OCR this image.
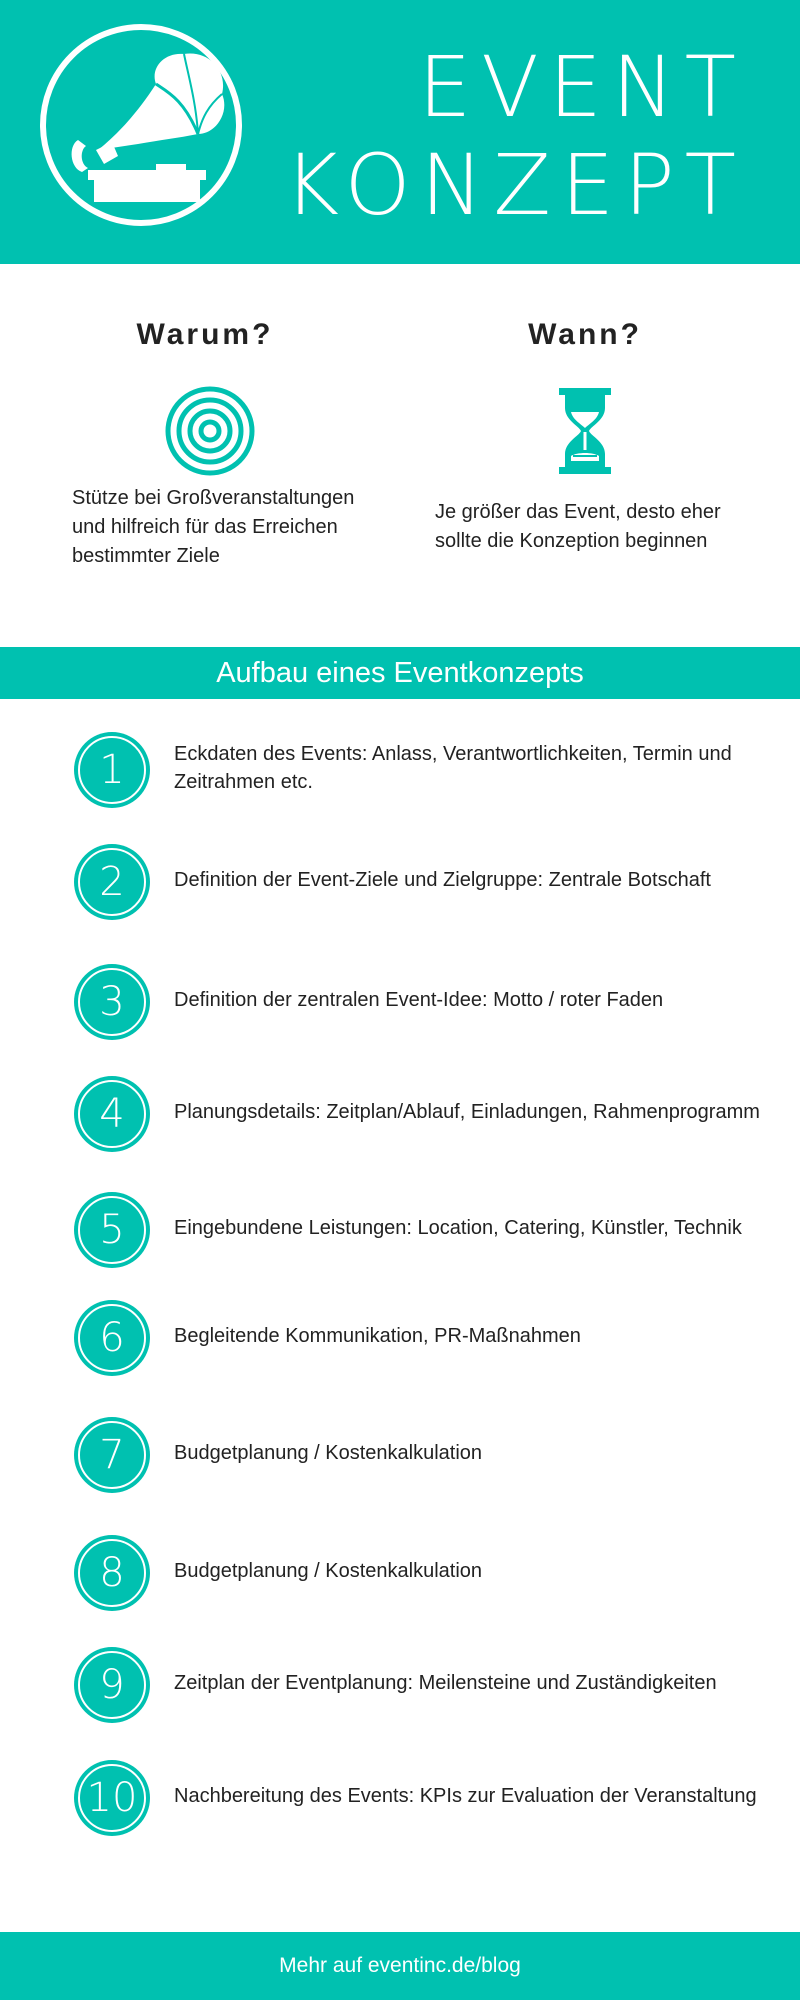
EVENT
KONZEPT
Warum?

Stütze bei Großveranstaltungen und hilfreich für das Erreichen bestimmter Ziele

Wann?

Je größer das Event, desto eher sollte die Konzeption beginnen

Aufbau eines Eventkonzepts
1	Eckdaten des Events: Anlass, Verantwortlichkeiten, Termin und Zeitrahmen etc.
2	Definition der Event-Ziele und Zielgruppe: Zentrale Botschaft
3	Definition der zentralen Event-Idee: Motto / roter Faden
4	Planungsdetails: Zeitplan/Ablauf, Einladungen, Rahmenprogramm
5	Eingebundene Leistungen: Location, Catering, Künstler, Technik
6	Begleitende Kommunikation, PR-Maßnahmen
7	Budgetplanung / Kostenkalkulation
8	Budgetplanung / Kostenkalkulation
9	Zeitplan der Eventplanung: Meilensteine und Zuständigkeiten
10	Nachbereitung des Events: KPIs zur Evaluation der Veranstaltung
Mehr auf eventinc.de/blog
